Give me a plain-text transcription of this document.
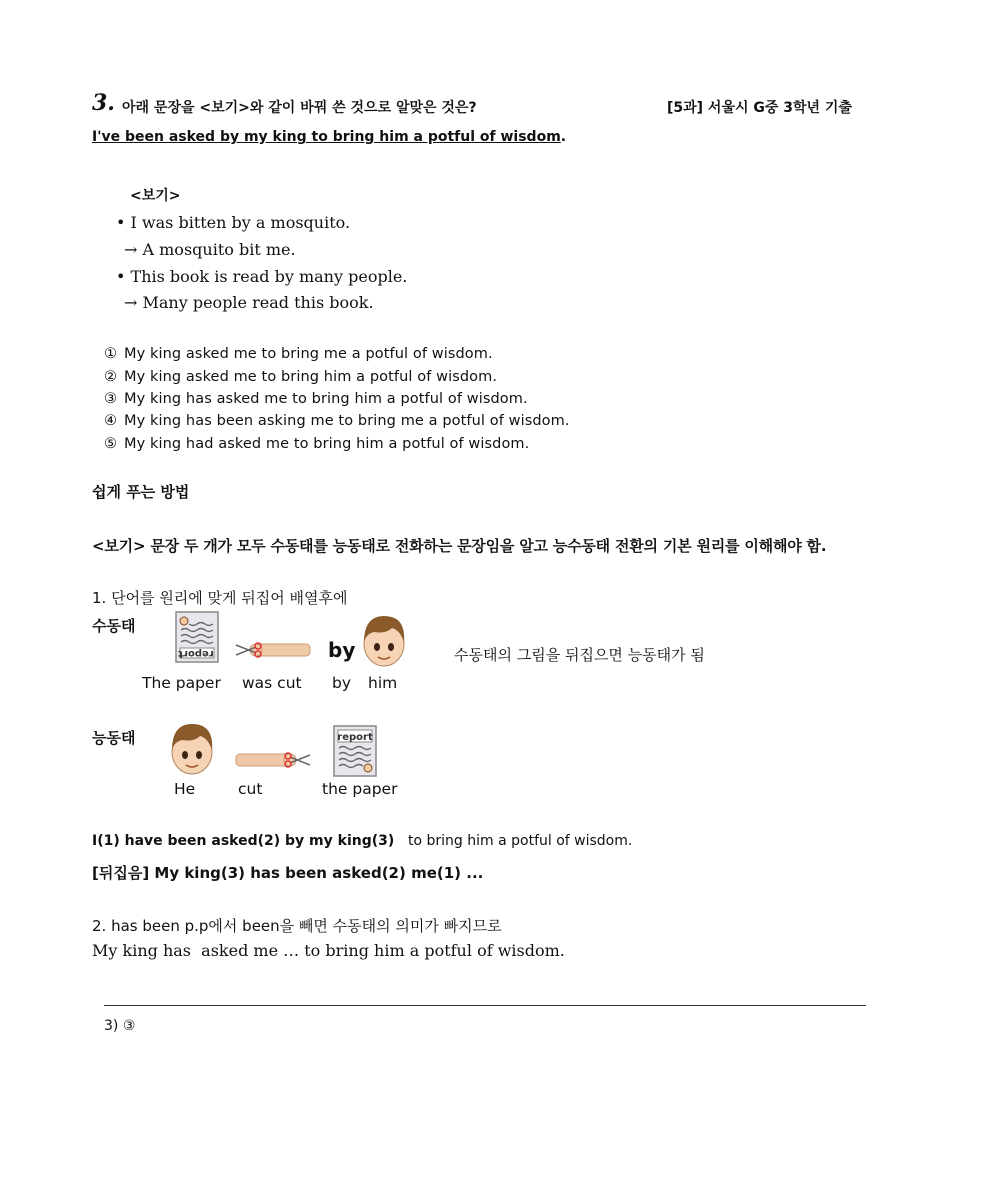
3. 아래 문장을 <보기>와 같이 바꿔 쓴 것으로 알맞은 것은?	[5과] 서울시 G중 3학년 기출
I've been asked by my king to bring him a potful of wisdom.
<보기>
• I was bitten by a mosquito.
→ A mosquito bit me.
• This book is read by many people.
→ Many people read this book.
① My king asked me to bring me a potful of wisdom.
② My king asked me to bring him a potful of wisdom.
③ My king has asked me to bring him a potful of wisdom.
④ My king has been asking me to bring me a potful of wisdom.
⑤ My king had asked me to bring him a potful of wisdom.
쉽게 푸는 방법
<보기> 문장 두 개가 모두 수동태를 능동태로 전화하는 문장임을 알고 능수동태 전환의 기본 원리를 이해해야 함.
1. 단어를 원리에 맞게 뒤집어 배열후에
수동태
report	by
The paper was cut by him
수동태의 그림을 뒤집으면 능동태가 됨
능동태	report
He	cut	the paper
I(1) have been asked(2) by my king(3) to bring him a potful of wisdom.
[뒤집음] My king(3) has been asked(2) me(1) ...
2. has been p.p에서 been을 빼면 수동태의 의미가 빠지므로
My king has  asked me … to bring him a potful of wisdom.
3) ③
